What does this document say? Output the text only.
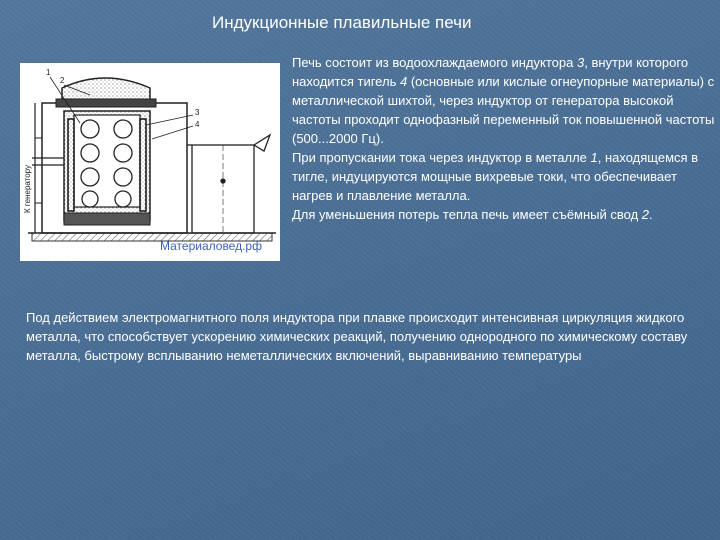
Индукционные плавильные печи
К генератору
1
2
3
4
Материаловед.рф

Печь состоит из водоохлаждаемого индуктора 3, внутри которого находится тигель 4 (основные или кислые огнеупорные материалы) с металлической шихтой, через индуктор от генератора высокой частоты проходит однофазный переменный ток повышенной частоты (500...2000 Гц).

При пропускании тока через индуктор в металле 1, находящемся в тигле, индуцируются мощные вихревые токи, что обеспечивает нагрев и плавление металла.

Для уменьшения потерь тепла печь имеет съёмный свод 2.

Под действием электромагнитного поля индуктора при плавке происходит интенсивная циркуляция жидкого металла, что способствует ускорению химических реакций, получению однородного по химическому составу металла, быстрому всплыванию неметаллических включений, выравниванию температуры
